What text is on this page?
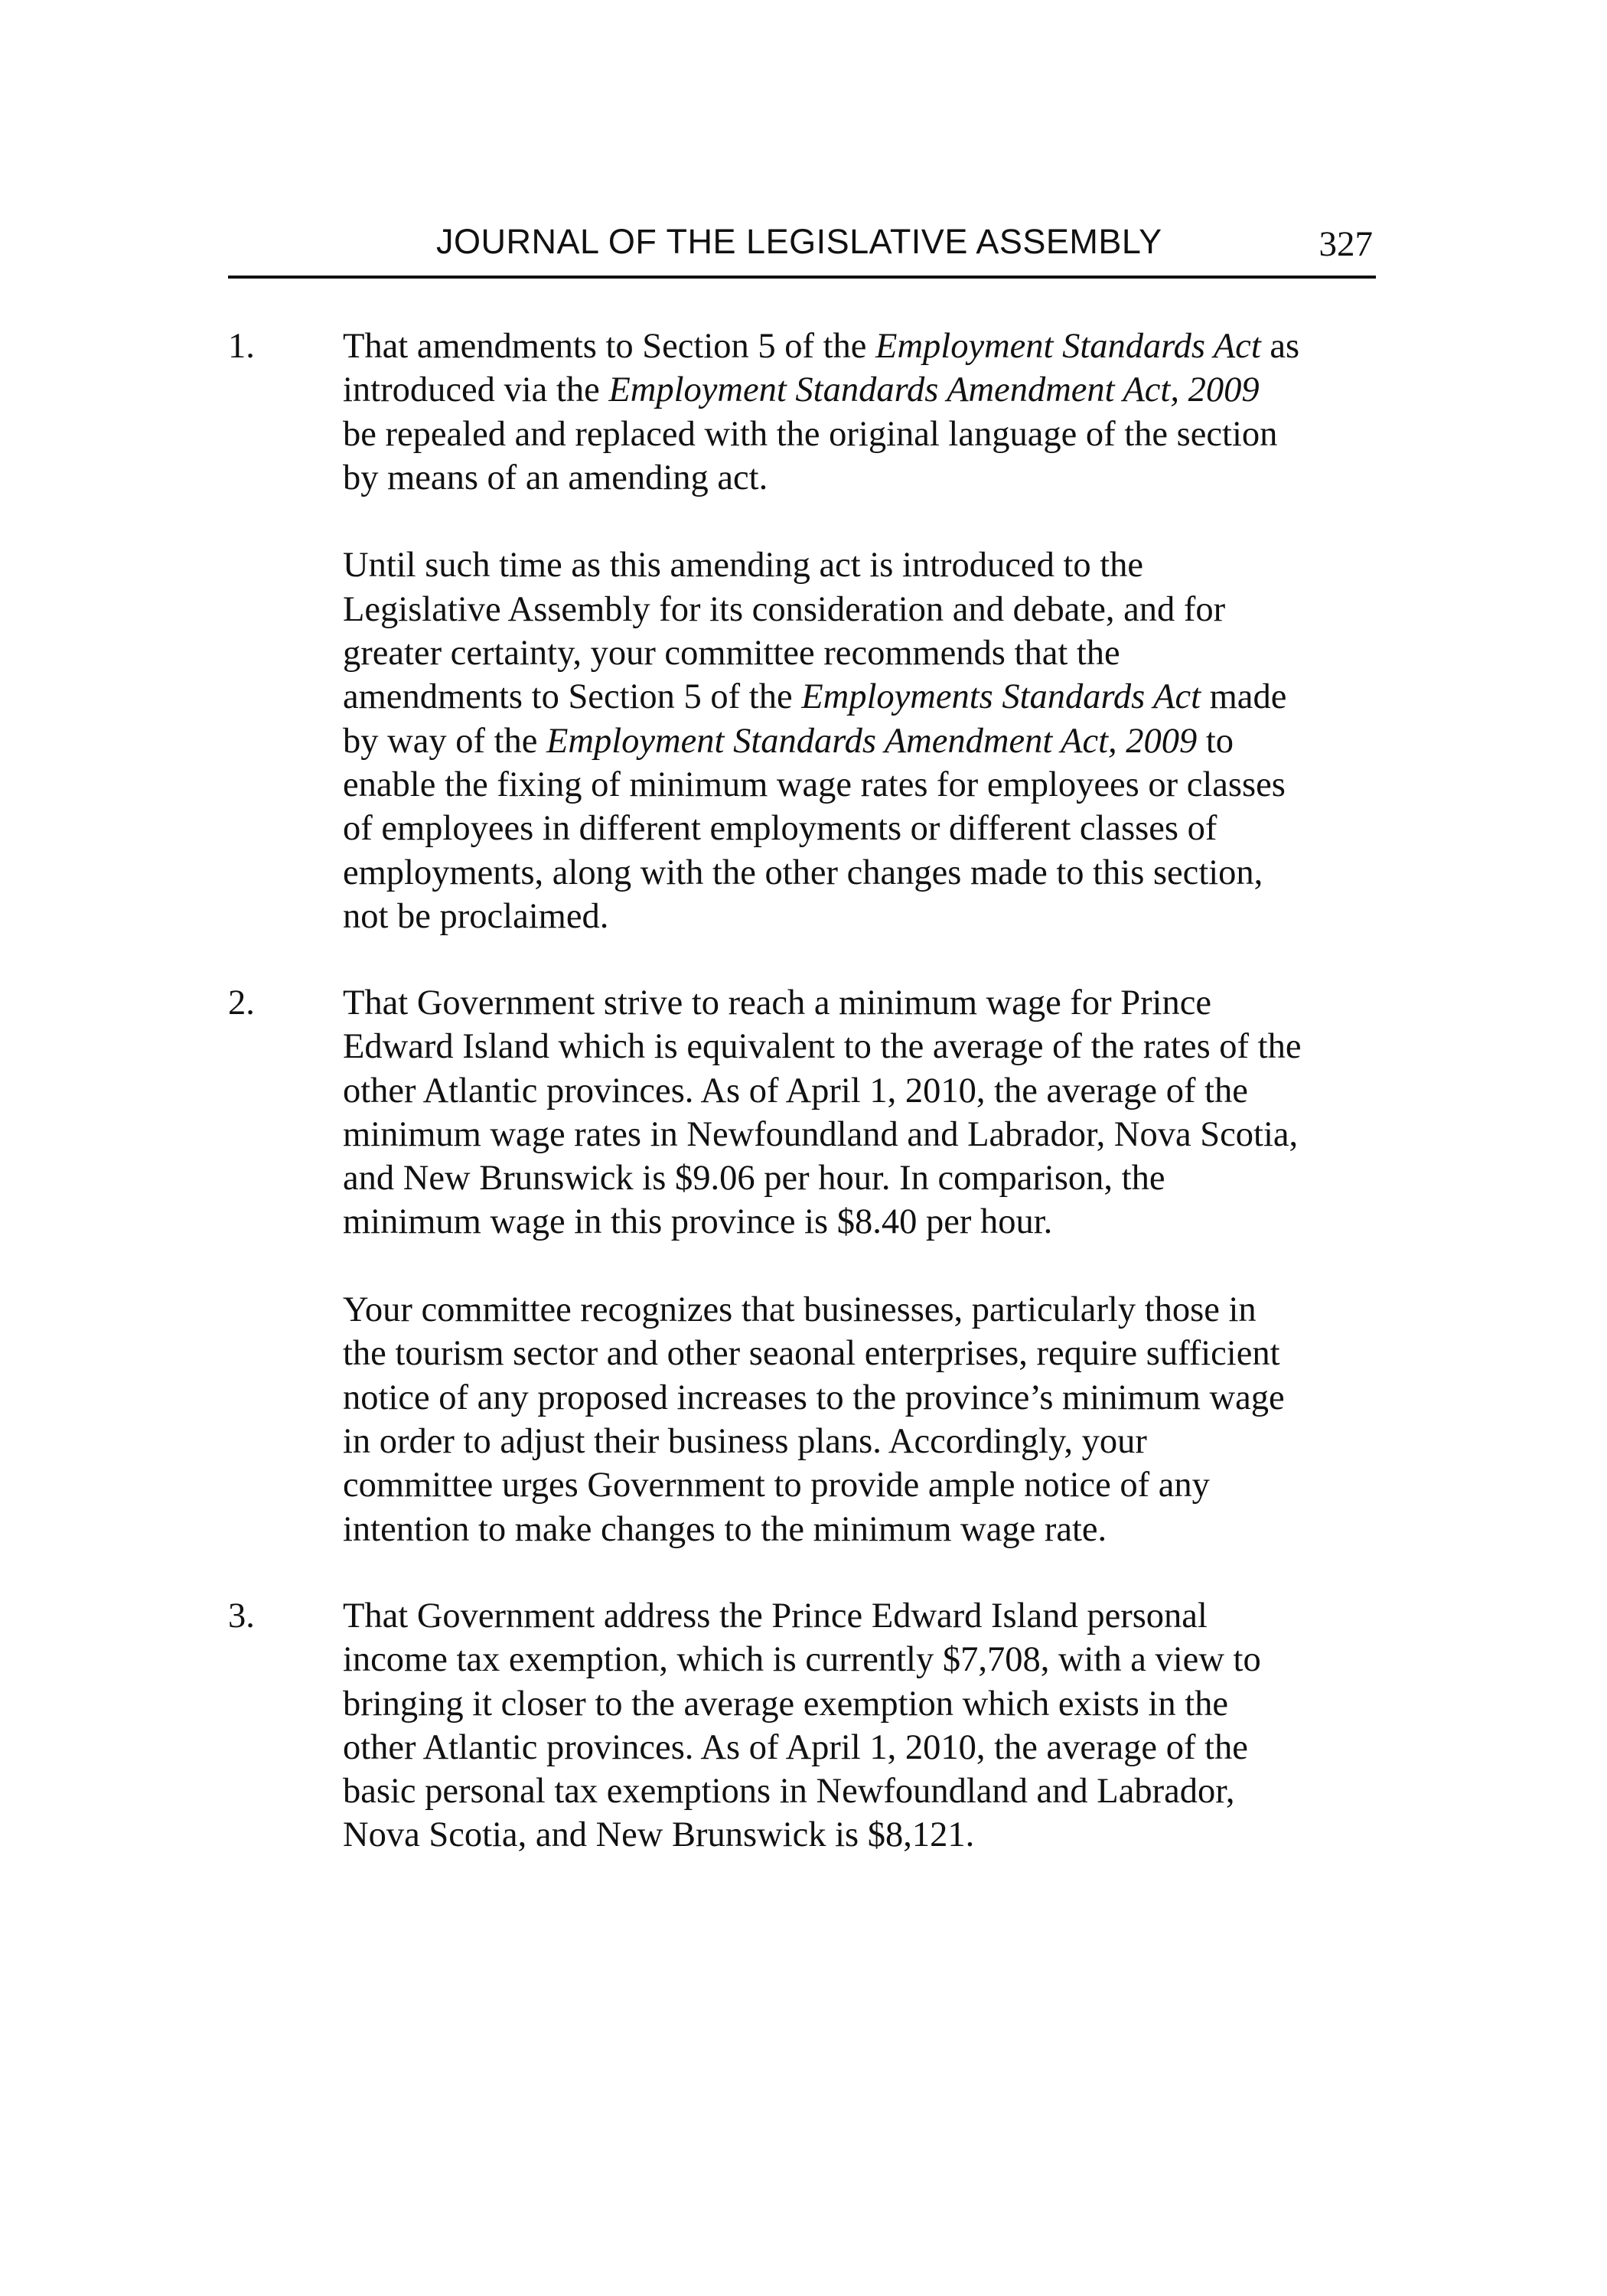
JOURNAL OF THE LEGISLATIVE ASSEMBLY	327
1. That amendments to Section 5 of the Employment Standards Act as
introduced via the Employment Standards Amendment Act, 2009
be repealed and replaced with the original language of the section
by means of an amending act.

Until such time as this amending act is introduced to the
Legislative Assembly for its consideration and debate, and for
greater certainty, your committee recommends that the
amendments to Section 5 of the Employments Standards Act made
by way of the Employment Standards Amendment Act, 2009 to
enable the fixing of minimum wage rates for employees or classes
of employees in different employments or different classes of
employments, along with the other changes made to this section,
not be proclaimed.

2. That Government strive to reach a minimum wage for Prince
Edward Island which is equivalent to the average of the rates of the
other Atlantic provinces. As of April 1, 2010, the average of the
minimum wage rates in Newfoundland and Labrador, Nova Scotia,
and New Brunswick is $9.06 per hour. In comparison, the
minimum wage in this province is $8.40 per hour.

Your committee recognizes that businesses, particularly those in
the tourism sector and other seaonal enterprises, require sufficient
notice of any proposed increases to the province’s minimum wage
in order to adjust their business plans. Accordingly, your
committee urges Government to provide ample notice of any
intention to make changes to the minimum wage rate.

3. That Government address the Prince Edward Island personal
income tax exemption, which is currently $7,708, with a view to
bringing it closer to the average exemption which exists in the
other Atlantic provinces. As of April 1, 2010, the average of the
basic personal tax exemptions in Newfoundland and Labrador,
Nova Scotia, and New Brunswick is $8,121.
